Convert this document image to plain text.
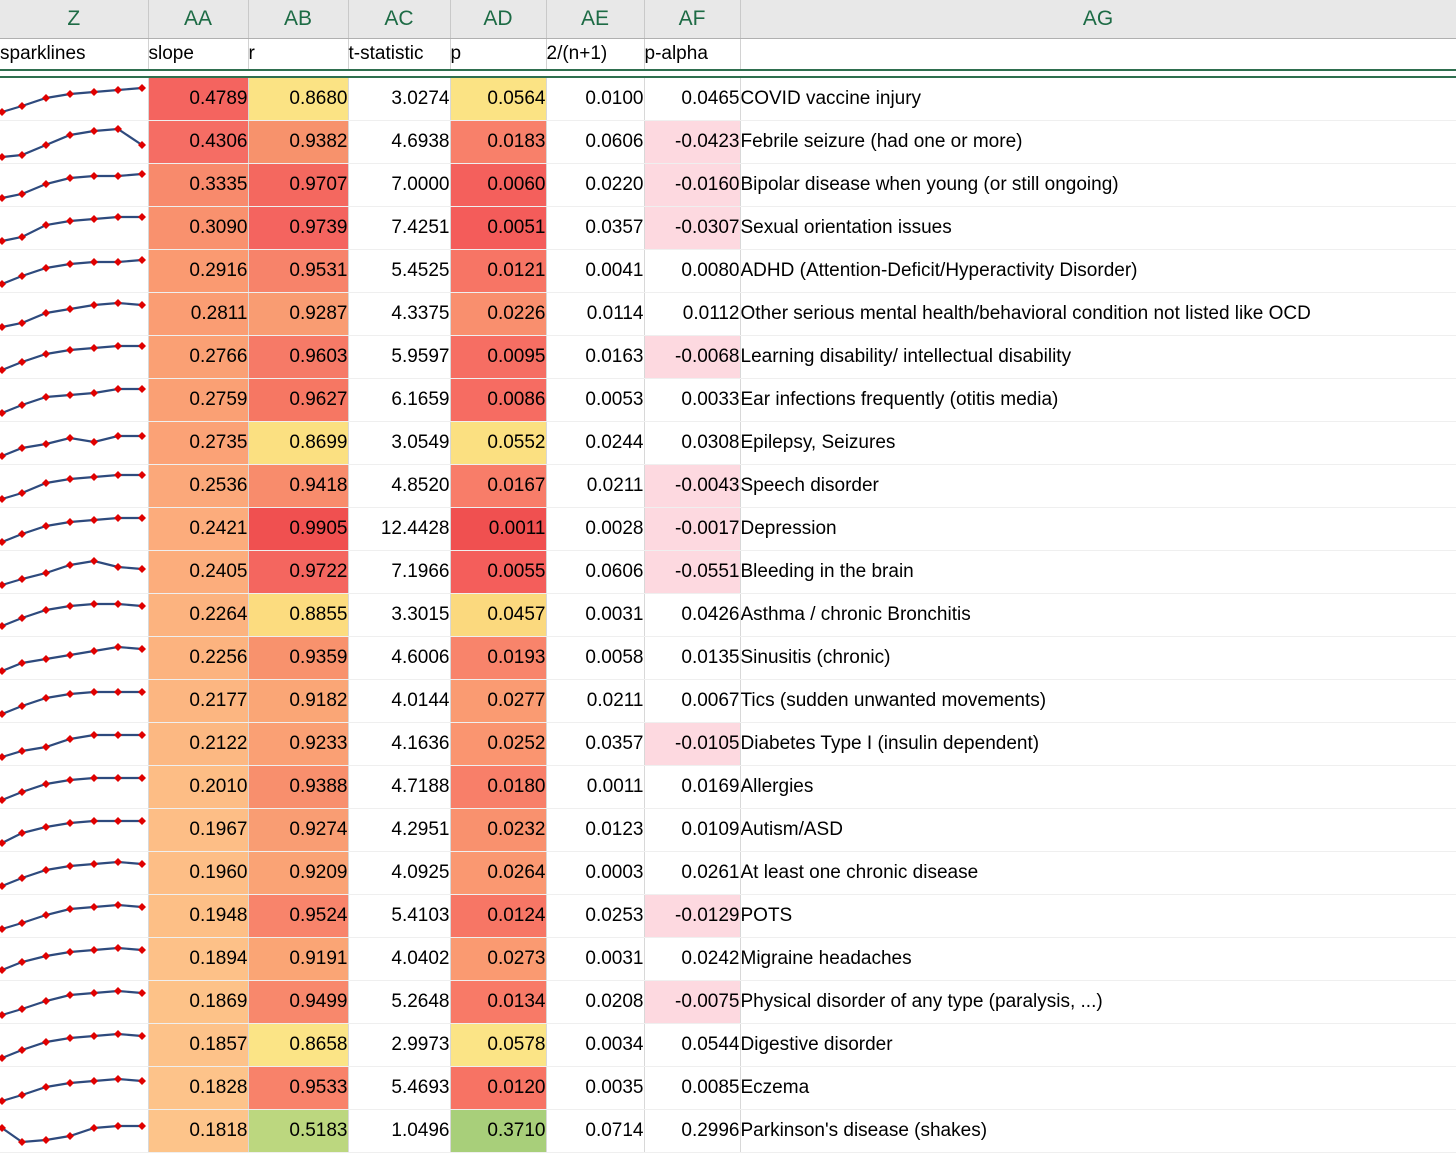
Z	AA	AB	AC	AD	AE	AF	AG
sparklines	slope	r	t-statistic	p	2/(n+1)	p-alpha	

	0.4789	0.8680	3.0274	0.0564	0.0100	0.0465	COVID vaccine injury

	0.4306	0.9382	4.6938	0.0183	0.0606	-0.0423	Febrile seizure (had one or more)

	0.3335	0.9707	7.0000	0.0060	0.0220	-0.0160	Bipolar disease when young (or still ongoing)

	0.3090	0.9739	7.4251	0.0051	0.0357	-0.0307	Sexual orientation issues

	0.2916	0.9531	5.4525	0.0121	0.0041	0.0080	ADHD (Attention-Deficit/Hyperactivity Disorder)

	0.2811	0.9287	4.3375	0.0226	0.0114	0.0112	Other serious mental health/behavioral condition not listed like OCD

	0.2766	0.9603	5.9597	0.0095	0.0163	-0.0068	Learning disability/ intellectual disability

	0.2759	0.9627	6.1659	0.0086	0.0053	0.0033	Ear infections frequently (otitis media)

	0.2735	0.8699	3.0549	0.0552	0.0244	0.0308	Epilepsy, Seizures

	0.2536	0.9418	4.8520	0.0167	0.0211	-0.0043	Speech disorder

	0.2421	0.9905	12.4428	0.0011	0.0028	-0.0017	Depression

	0.2405	0.9722	7.1966	0.0055	0.0606	-0.0551	Bleeding in the brain

	0.2264	0.8855	3.3015	0.0457	0.0031	0.0426	Asthma / chronic Bronchitis

	0.2256	0.9359	4.6006	0.0193	0.0058	0.0135	Sinusitis (chronic)

	0.2177	0.9182	4.0144	0.0277	0.0211	0.0067	Tics (sudden unwanted movements)

	0.2122	0.9233	4.1636	0.0252	0.0357	-0.0105	Diabetes Type I (insulin dependent)

	0.2010	0.9388	4.7188	0.0180	0.0011	0.0169	Allergies

	0.1967	0.9274	4.2951	0.0232	0.0123	0.0109	Autism/ASD

	0.1960	0.9209	4.0925	0.0264	0.0003	0.0261	At least one chronic disease

	0.1948	0.9524	5.4103	0.0124	0.0253	-0.0129	POTS

	0.1894	0.9191	4.0402	0.0273	0.0031	0.0242	Migraine headaches

	0.1869	0.9499	5.2648	0.0134	0.0208	-0.0075	Physical disorder of any type (paralysis, ...)

	0.1857	0.8658	2.9973	0.0578	0.0034	0.0544	Digestive disorder

	0.1828	0.9533	5.4693	0.0120	0.0035	0.0085	Eczema

	0.1818	0.5183	1.0496	0.3710	0.0714	0.2996	Parkinson's disease (shakes)
